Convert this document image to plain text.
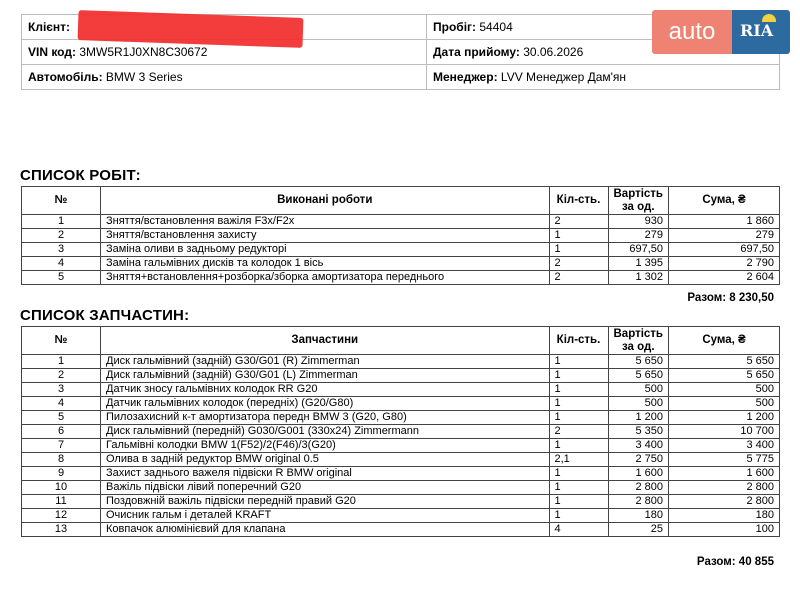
Клієнт:	Пробіг: 54404
VIN код: 3MW5R1J0XN8C30672	Дата прийому: 30.06.2026
Автомобіль: BMW 3 Series	Менеджер: LVV Менеджер Дам'ян
auto	RIA
СПИСОК РОБІТ:
№	Виконані роботи	Кіл-сть.	Вартість за од.	Сума, ₴
1	Зняття/встановлення важіля F3x/F2x	2	930	1 860
2	Зняття/встановлення захисту	1	279	279
3	Заміна оливи в задньому редукторі	1	697,50	697,50
4	Заміна гальмівних дисків та колодок 1 вісь	2	1 395	2 790
5	Зняття+встановлення+розборка/зборка амортизатора переднього	2	1 302	2 604
Разом: 8 230,50
СПИСОК ЗАПЧАСТИН:
№	Запчастини	Кіл-сть.	Вартість за од.	Сума, ₴
1	Диск гальмівний (задній) G30/G01 (R) Zimmerman	1	5 650	5 650
2	Диск гальмівний (задній) G30/G01 (L) Zimmerman	1	5 650	5 650
3	Датчик зносу гальмівних колодок RR G20	1	500	500
4	Датчик гальмівних колодок (передніх) (G20/G80)	1	500	500
5	Пилозахисний к-т амортизатора передн BMW 3 (G20, G80)	1	1 200	1 200
6	Диск гальмівний (передній) G030/G001 (330x24) Zimmermann	2	5 350	10 700
7	Гальмівні колодки BMW 1(F52)/2(F46)/3(G20)	1	3 400	3 400
8	Олива в задній редуктор BMW original 0.5	2,1	2 750	5 775
9	Захист заднього важеля підвіски R BMW original	1	1 600	1 600
10	Важіль підвіски лівий поперечний G20	1	2 800	2 800
11	Поздовжній важіль підвіски передній правий G20	1	2 800	2 800
12	Очисник гальм і деталей KRAFT	1	180	180
13	Ковпачок алюмінієвий для клапана	4	25	100
Разом: 40 855
